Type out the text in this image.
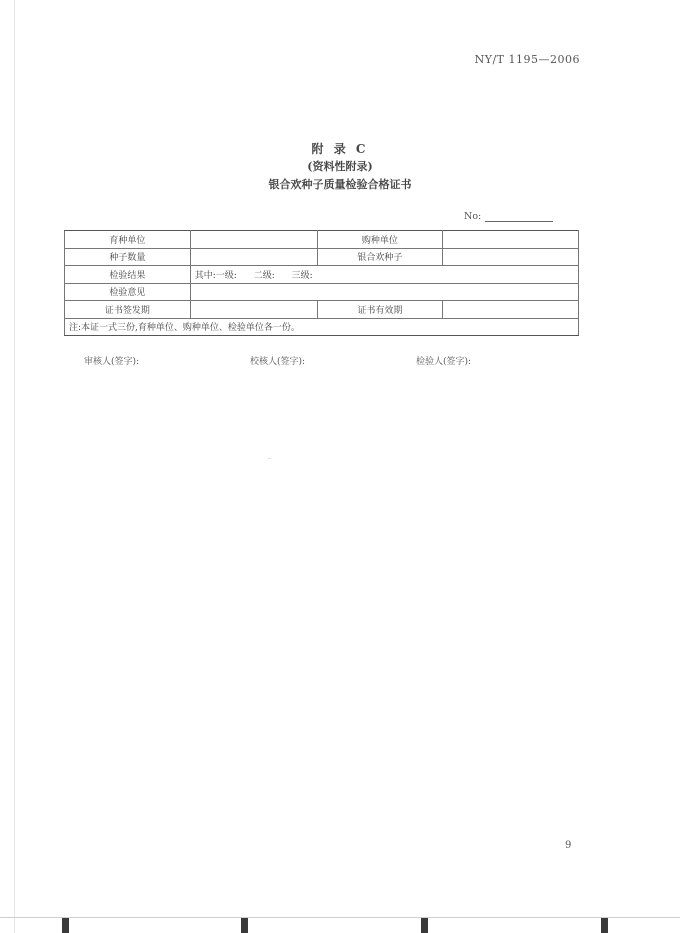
NY/T 1195—2006
附 录 C
(资料性附录)
银合欢种子质量检验合格证书
No:
育种单位		购种单位	
种子数量		银合欢种子	
检验结果	其中:一级: 二级: 三级:		
检验意见			
证书签发期		证书有效期	
注:本证一式三份,育种单位、购种单位、检验单位各一份。			
审核人(签字):	校核人(签字):	检验人(签字):
9
